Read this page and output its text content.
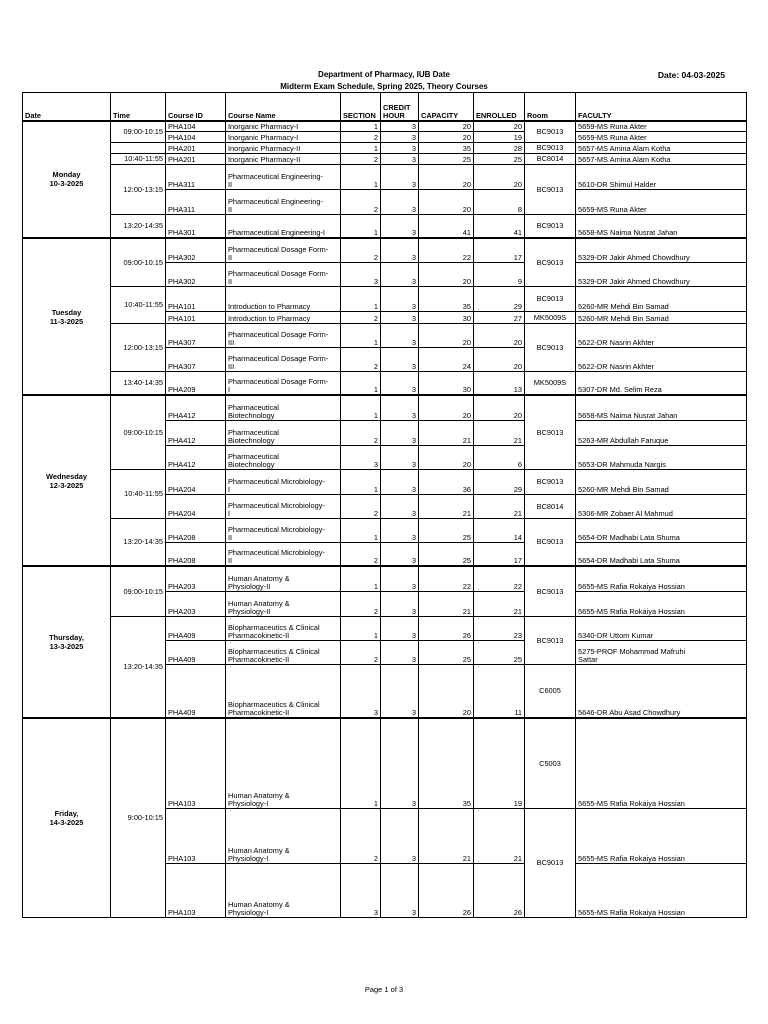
Department of Pharmacy, IUB Date
Midterm Exam Schedule, Spring 2025, Theory Courses
Date: 04-03-2025
Date	Time	Course ID	Course Name	SECTION	CREDIT HOUR	CAPACITY	ENROLLED	Room	FACULTY
Monday
10-3-2025	09:00-10:15	PHA104	Inorganic Pharmacy-I	1	3	20	20	BC9013	5659-MS Runa Akter
		PHA104	Inorganic Pharmacy-I	2	3	20	19		5659-MS Runa Akter
		PHA201	Inorganic Pharmacy-II	1	3	35	28	BC9013	5657-MS Amina Alam Kotha
	10:40-11:55	PHA201	Inorganic Pharmacy-II	2	3	25	25	BC8014	5657-MS Amina Alam Kotha
	12:00-13:15	PHA311	Pharmaceutical Engineering-
II	1	3	20	20	BC9013	5610-DR Shimul Halder
		PHA311	Pharmaceutical Engineering-
II	2	3	20	8		5659-MS Runa Akter
	13:20-14:35	PHA301	Pharmaceutical Engineering-I	1	3	41	41	BC9013	5658-MS Naima Nusrat Jahan
Tuesday
11-3-2025	09:00-10:15	PHA302	Pharmaceutical Dosage Form-
II	2	3	22	17	BC9013	5329-DR Jakir Ahmed Chowdhury
		PHA302	Pharmaceutical Dosage Form-
II	3	3	20	9		5329-DR Jakir Ahmed Chowdhury
	10:40-11:55	PHA101	Introduction to Pharmacy	1	3	35	29	BC9013	5260-MR Mehdi Bin Samad
		PHA101	Introduction to Pharmacy	2	3	30	27	MK5009S	5260-MR Mehdi Bin Samad
	12:00-13:15	PHA307	Pharmaceutical Dosage Form-
III	1	3	20	20	BC9013	5622-DR Nasrin Akhter
		PHA307	Pharmaceutical Dosage Form-
III	2	3	24	20		5622-DR Nasrin Akhter
	13:40-14:35	PHA209	Pharmaceutical Dosage Form-
I	1	3	30	13	MK5009S	5307-DR Md. Selim Reza
Wednesday
12-3-2025	09:00-10:15	PHA412	Pharmaceutical
Biotechnology	1	3	20	20	BC9013	5658-MS Naima Nusrat Jahan
		PHA412	Pharmaceutical
Biotechnology	2	3	21	21		5263-MR Abdullah Faruque
		PHA412	Pharmaceutical
Biotechnology	3	3	20	6		5653-DR Mahmuda Nargis
	10:40-11:55	PHA204	Pharmaceutical Microbiology-
I	1	3	36	29	BC9013	5260-MR Mehdi Bin Samad
		PHA204	Pharmaceutical Microbiology-
I	2	3	21	21	BC8014	5306-MR Zobaer Al Mahmud
	13:20-14:35	PHA208	Pharmaceutical Microbiology-
II	1	3	25	14	BC9013	5654-DR Madhabi Lata Shuma
		PHA208	Pharmaceutical Microbiology-
II	2	3	25	17		5654-DR Madhabi Lata Shuma
Thursday,
13-3-2025	09:00-10:15	PHA203	Human Anatomy &
Physiology-II	1	3	22	22	BC9013	5655-MS Rafia Rokaiya Hossian
		PHA203	Human Anatomy &
Physiology-II	2	3	21	21		5655-MS Rafia Rokaiya Hossian
	13:20-14:35	PHA409	Biopharmaceutics & Clinical
Pharmacokinetic-II	1	3	26	23	BC9013	5340-DR Uttom Kumar
		PHA409	Biopharmaceutics & Clinical
Pharmacokinetic-II	2	3	25	25		5275-PROF Mohammad Mafruhi
Sattar
		PHA409	Biopharmaceutics & Clinical
Pharmacokinetic-II	3	3	20	11	C6005	5646-DR Abu Asad Chowdhury
Friday,
14-3-2025	9:00-10:15	PHA103	Human Anatomy &
Physiology-I	1	3	35	19	C5003	5655-MS Rafia Rokaiya Hossian
		PHA103	Human Anatomy &
Physiology-I	2	3	21	21	BC9013	5655-MS Rafia Rokaiya Hossian
		PHA103	Human Anatomy &
Physiology-I	3	3	26	26		5655-MS Rafia Rokaiya Hossian
Page 1 of 3
